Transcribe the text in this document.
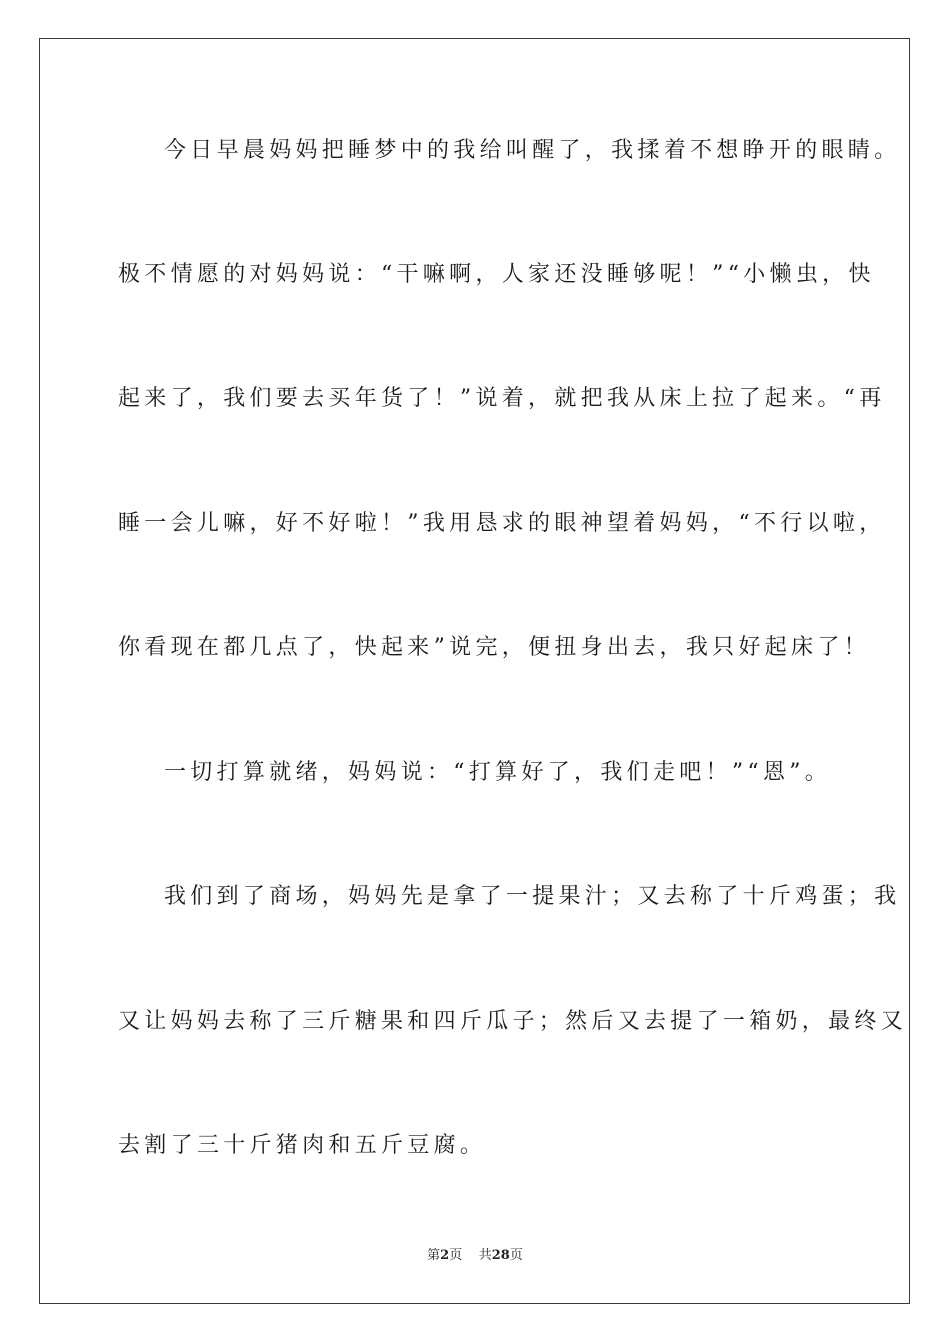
今日早晨妈妈把睡梦中的我给叫醒了，我揉着不想睁开的眼睛。
极不情愿的对妈妈说：“干嘛啊，人家还没睡够呢！”“小懒虫，快
起来了，我们要去买年货了！”说着，就把我从床上拉了起来。“再
睡一会儿嘛，好不好啦！”我用恳求的眼神望着妈妈，“不行以啦，
你看现在都几点了，快起来”说完，便扭身出去，我只好起床了！
一切打算就绪，妈妈说：“打算好了，我们走吧！”“恩”。
我们到了商场，妈妈先是拿了一提果汁；又去称了十斤鸡蛋；我
又让妈妈去称了三斤糖果和四斤瓜子；然后又去提了一箱奶，最终又
去割了三十斤猪肉和五斤豆腐。
第2页 共28页
